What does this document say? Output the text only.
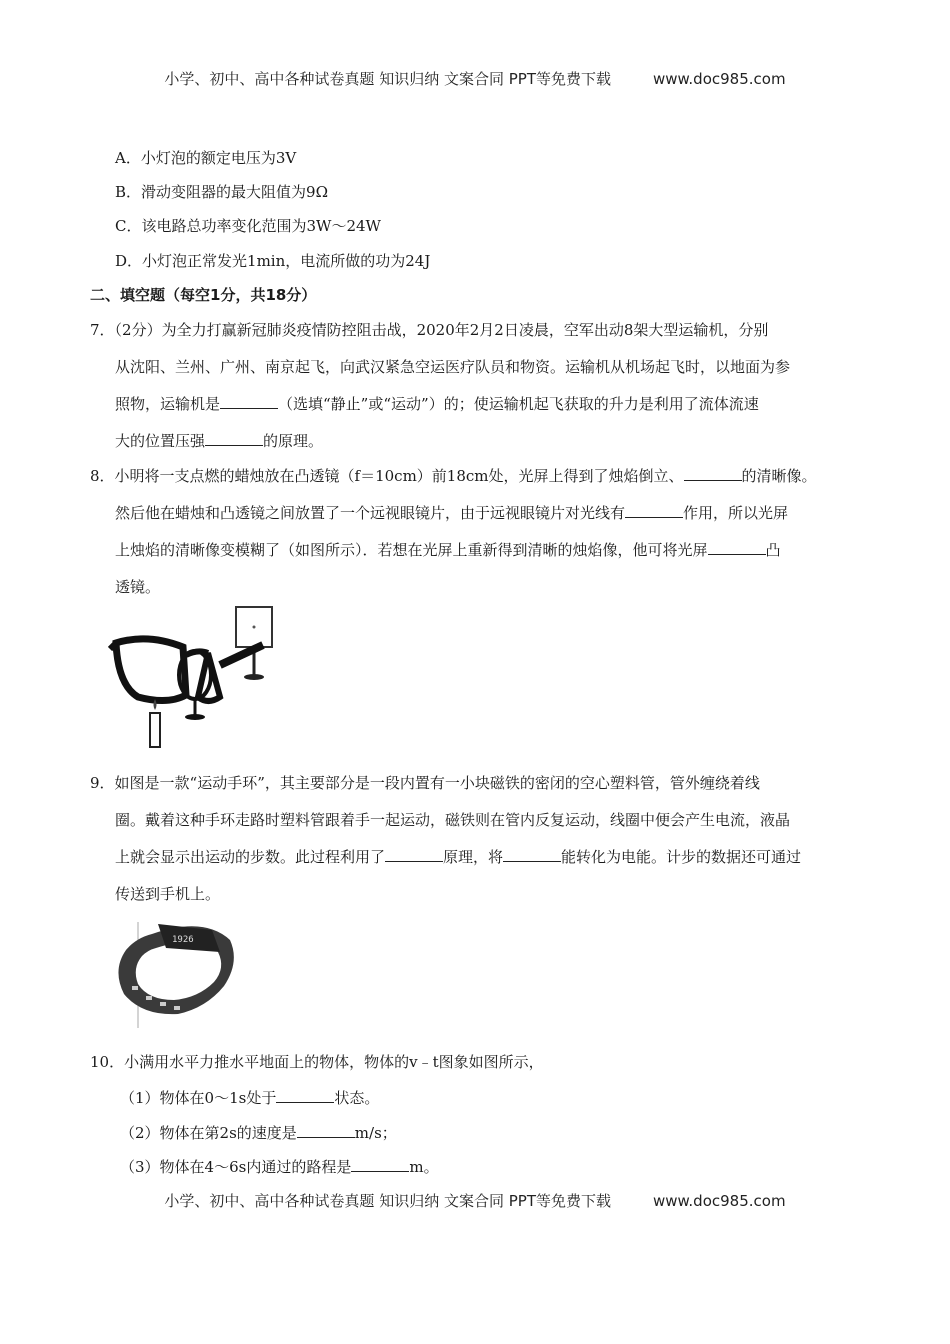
小学、初中、高中各种试卷真题 知识归纳 文案合同 PPT等免费下载	www.doc985.com
A．小灯泡的额定电压为3V
B．滑动变阻器的最大阻值为9Ω
C．该电路总功率变化范围为3W～24W
D．小灯泡正常发光1min，电流所做的功为24J
二、填空题（每空1分，共18分）
7．（2分）为全力打赢新冠肺炎疫情防控阻击战，2020年2月2日凌晨，空军出动8架大型运输机，分别
从沈阳、兰州、广州、南京起飞，向武汉紧急空运医疗队员和物资。运输机从机场起飞时，以地面为参
照物，运输机是	（选填“静止”或“运动”）的；使运输机起飞获取的升力是利用了流体流速
大的位置压强	的原理。
8．小明将一支点燃的蜡烛放在凸透镜（f＝10cm）前18cm处，光屏上得到了烛焰倒立、	的清晰像。
然后他在蜡烛和凸透镜之间放置了一个远视眼镜片，由于远视眼镜片对光线有	作用，所以光屏
上烛焰的清晰像变模糊了（如图所示）．若想在光屏上重新得到清晰的烛焰像，他可将光屏	凸
透镜。
9．如图是一款“运动手环”，其主要部分是一段内置有一小块磁铁的密闭的空心塑料管，管外缠绕着线
圈。戴着这种手环走路时塑料管跟着手一起运动，磁铁则在管内反复运动，线圈中便会产生电流，液晶
上就会显示出运动的步数。此过程利用了	原理，将	能转化为电能。计步的数据还可通过
传送到手机上。
1926
10．小满用水平力推水平地面上的物体，物体的v﹣t图象如图所示，
（1）物体在0～1s处于	状态。
（2）物体在第2s的速度是	m/s；
（3）物体在4～6s内通过的路程是	m。
小学、初中、高中各种试卷真题 知识归纳 文案合同 PPT等免费下载	www.doc985.com
